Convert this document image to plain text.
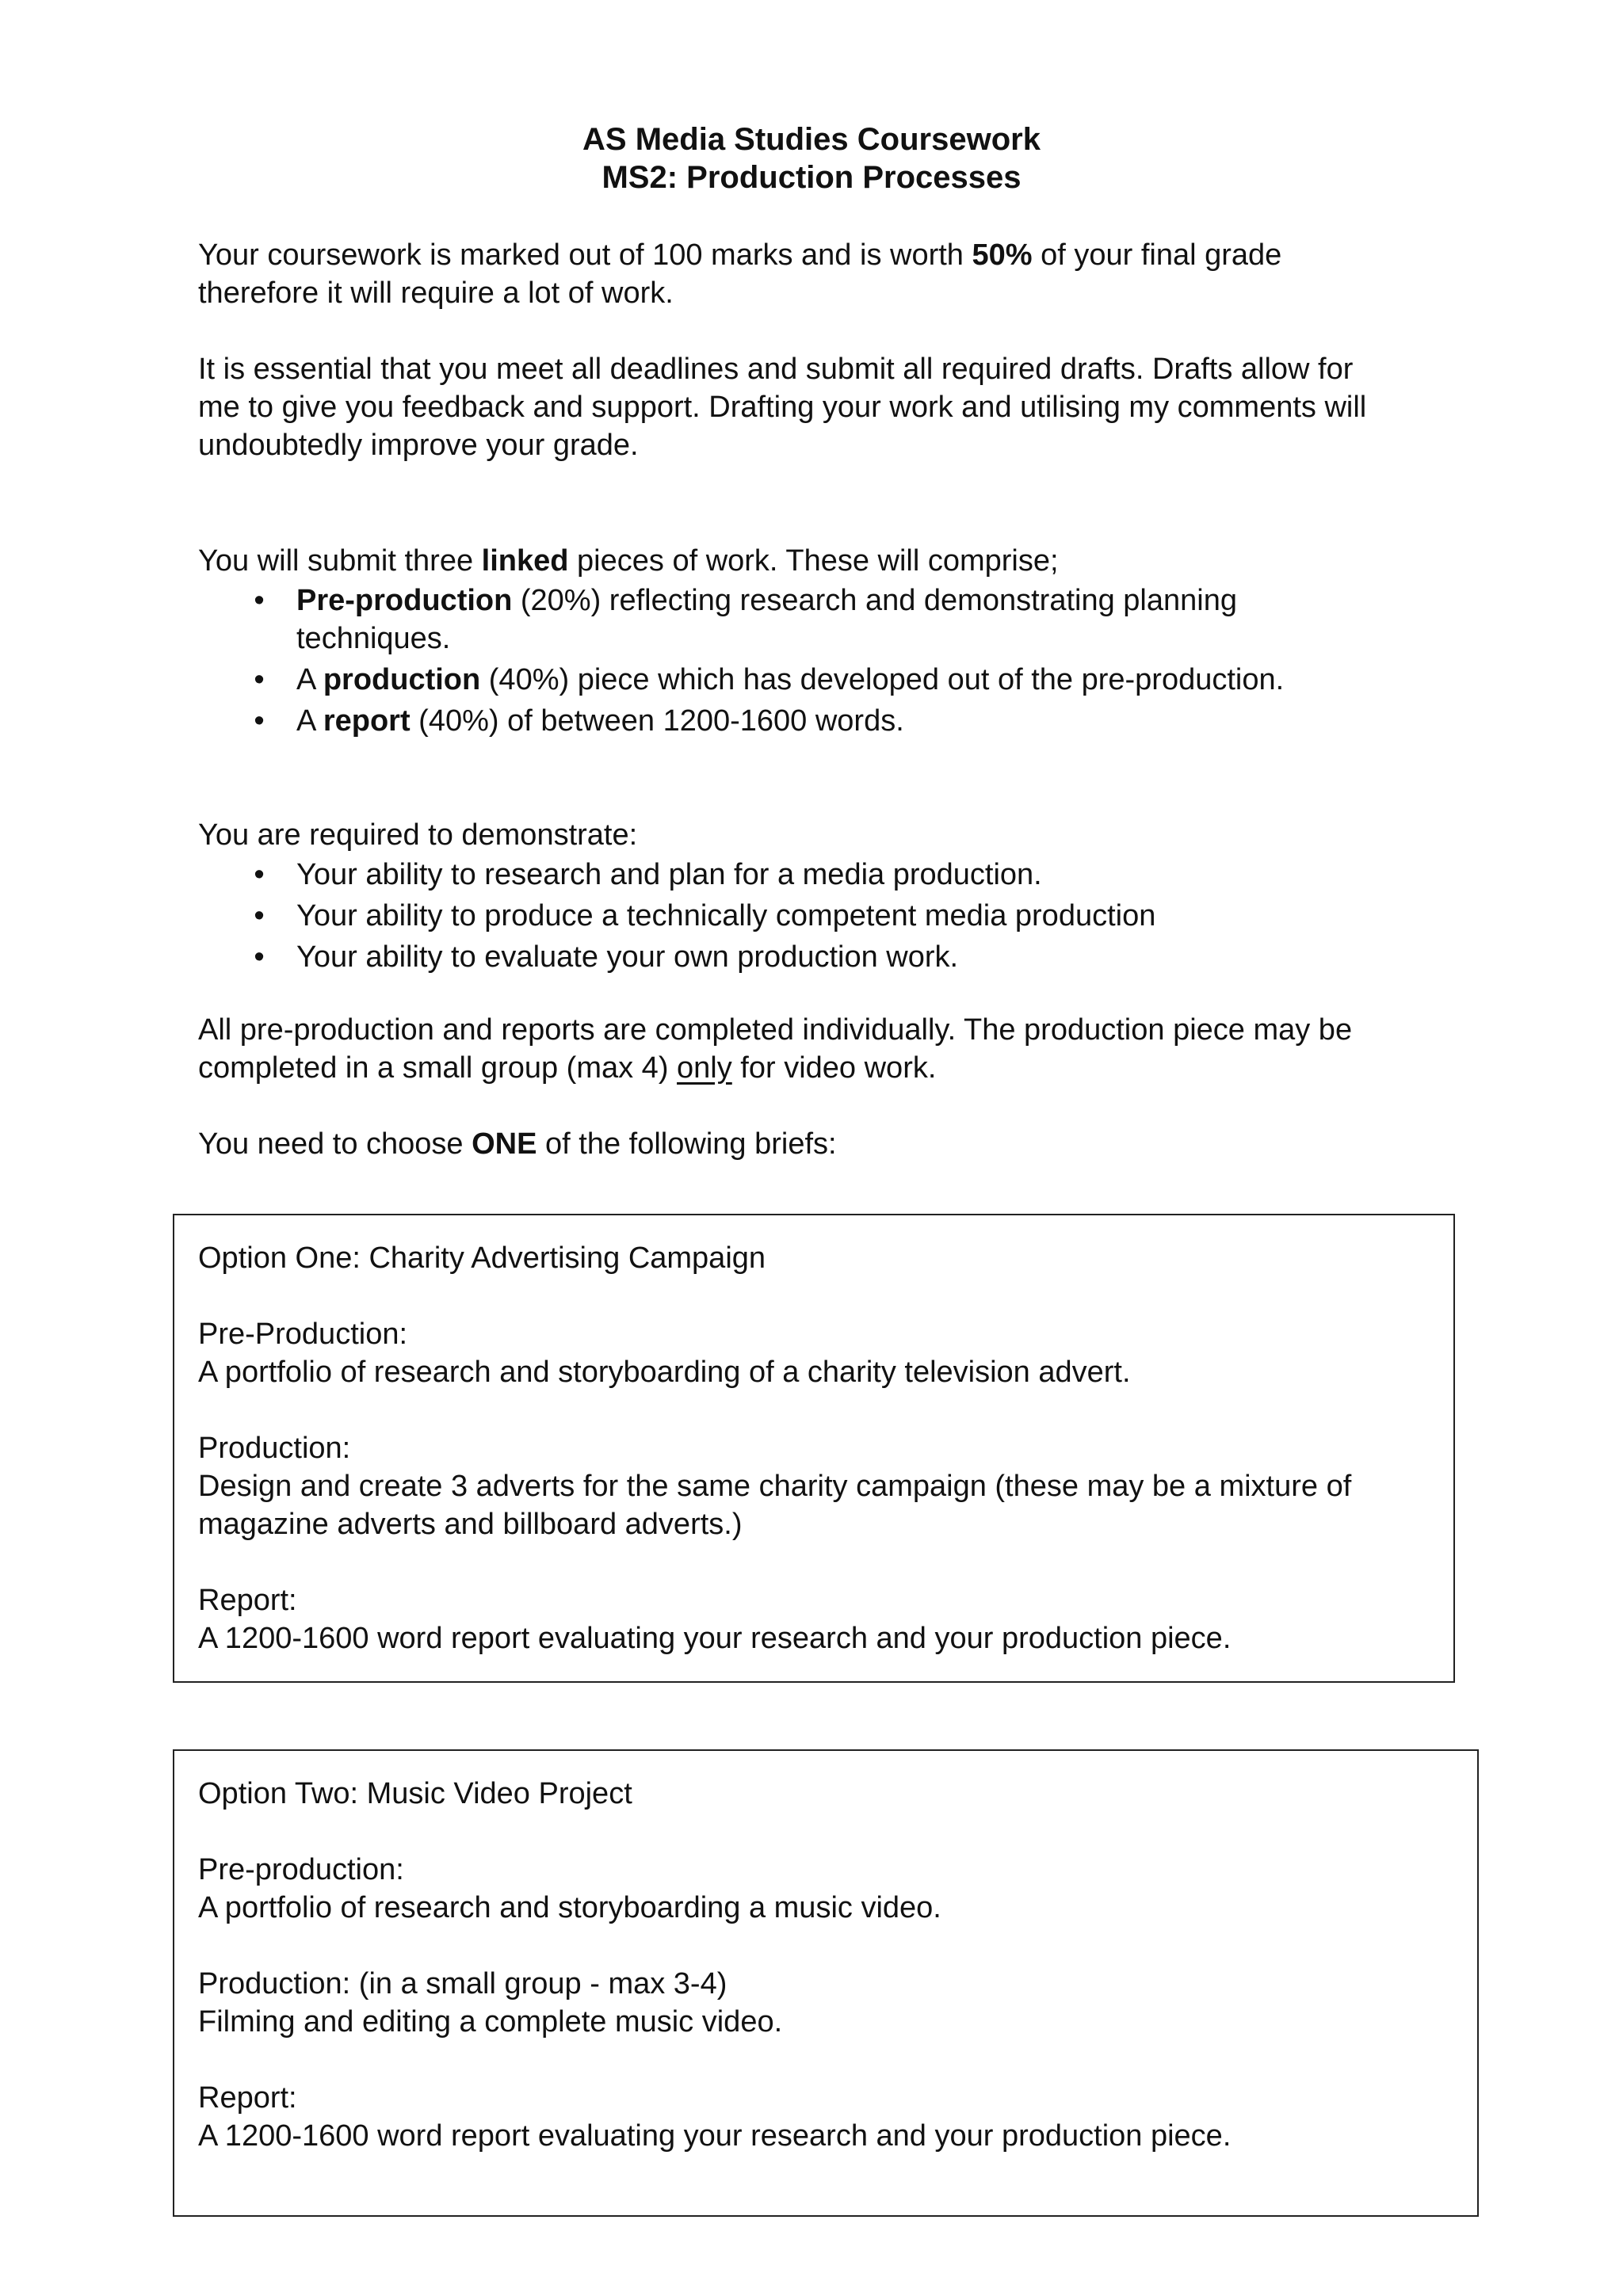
AS Media Studies Coursework
MS2: Production Processes

Your coursework is marked out of 100 marks and is worth 50% of your final grade
therefore it will require a lot of work.

It is essential that you meet all deadlines and submit all required drafts. Drafts allow for
me to give you feedback and support. Drafting your work and utilising my comments will
undoubtedly improve your grade.

You will submit three linked pieces of work. These will comprise;

• Pre-production (20%) reflecting research and demonstrating planning
techniques.
• A production (40%) piece which has developed out of the pre-production.
• A report (40%) of between 1200-1600 words.

You are required to demonstrate:

• Your ability to research and plan for a media production.
• Your ability to produce a technically competent media production
• Your ability to evaluate your own production work.

All pre-production and reports are completed individually. The production piece may be
completed in a small group (max 4) only for video work.

You need to choose ONE of the following briefs:

Option One: Charity Advertising Campaign
Pre-Production:
A portfolio of research and storyboarding of a charity television advert.
Production:
Design and create 3 adverts for the same charity campaign (these may be a mixture of
magazine adverts and billboard adverts.)
Report:
A 1200-1600 word report evaluating your research and your production piece.
Option Two: Music Video Project
Pre-production:
A portfolio of research and storyboarding a music video.
Production: (in a small group - max 3-4)
Filming and editing a complete music video.
Report:
A 1200-1600 word report evaluating your research and your production piece.
